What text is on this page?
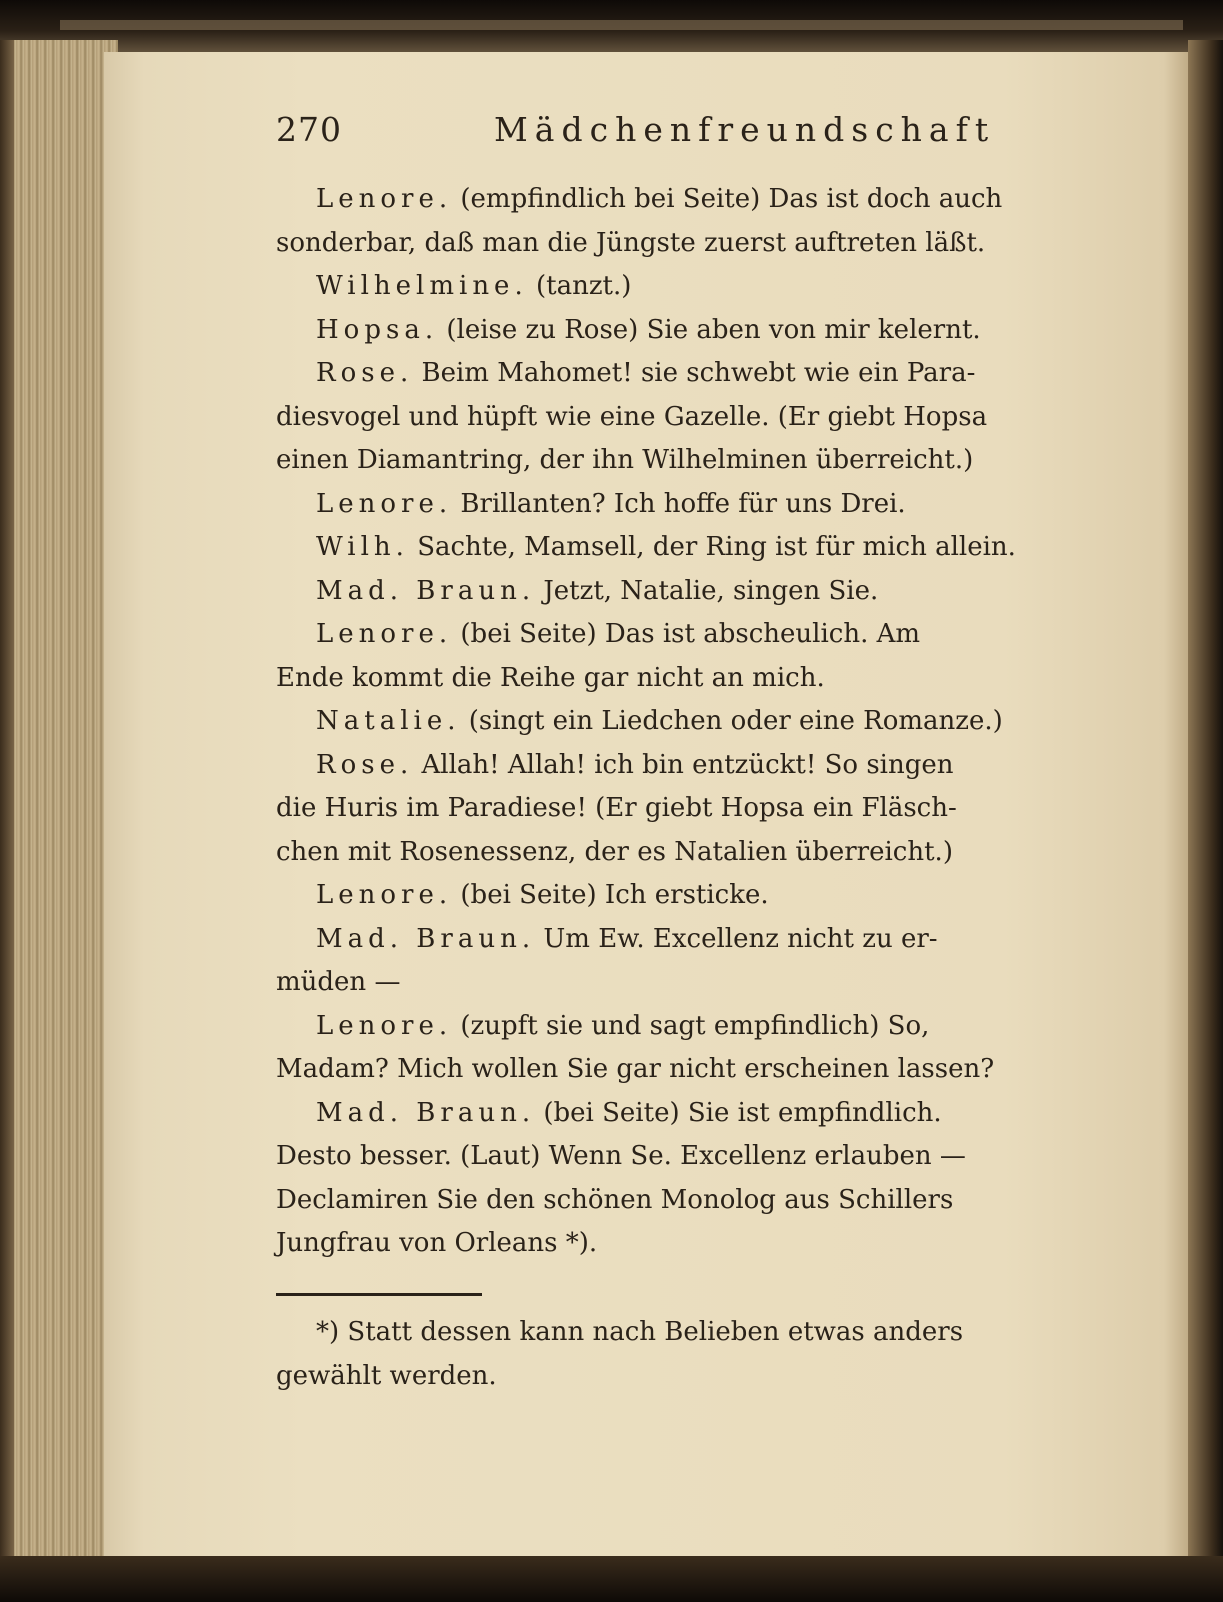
270	Mädchenfreundschaft
Lenore. (empfindlich bei Seite) Das ist doch auch
sonderbar, daß man die Jüngste zuerst auftreten läßt.
Wilhelmine. (tanzt.)
Hopsa. (leise zu Rose) Sie aben von mir kelernt.
Rose. Beim Mahomet! sie schwebt wie ein Para-
diesvogel und hüpft wie eine Gazelle. (Er giebt Hopsa
einen Diamantring, der ihn Wilhelminen überreicht.)
Lenore. Brillanten? Ich hoffe für uns Drei.
Wilh. Sachte, Mamsell, der Ring ist für mich allein.
Mad. Braun. Jetzt, Natalie, singen Sie.
Lenore. (bei Seite) Das ist abscheulich. Am
Ende kommt die Reihe gar nicht an mich.
Natalie. (singt ein Liedchen oder eine Romanze.)
Rose. Allah! Allah! ich bin entzückt! So singen
die Huris im Paradiese! (Er giebt Hopsa ein Fläsch-
chen mit Rosenessenz, der es Natalien überreicht.)
Lenore. (bei Seite) Ich ersticke.
Mad. Braun. Um Ew. Excellenz nicht zu er-
müden —
Lenore. (zupft sie und sagt empfindlich) So,
Madam? Mich wollen Sie gar nicht erscheinen lassen?
Mad. Braun. (bei Seite) Sie ist empfindlich.
Desto besser. (Laut) Wenn Se. Excellenz erlauben —
Declamiren Sie den schönen Monolog aus Schillers
Jungfrau von Orleans *).
*) Statt dessen kann nach Belieben etwas anders
gewählt werden.
